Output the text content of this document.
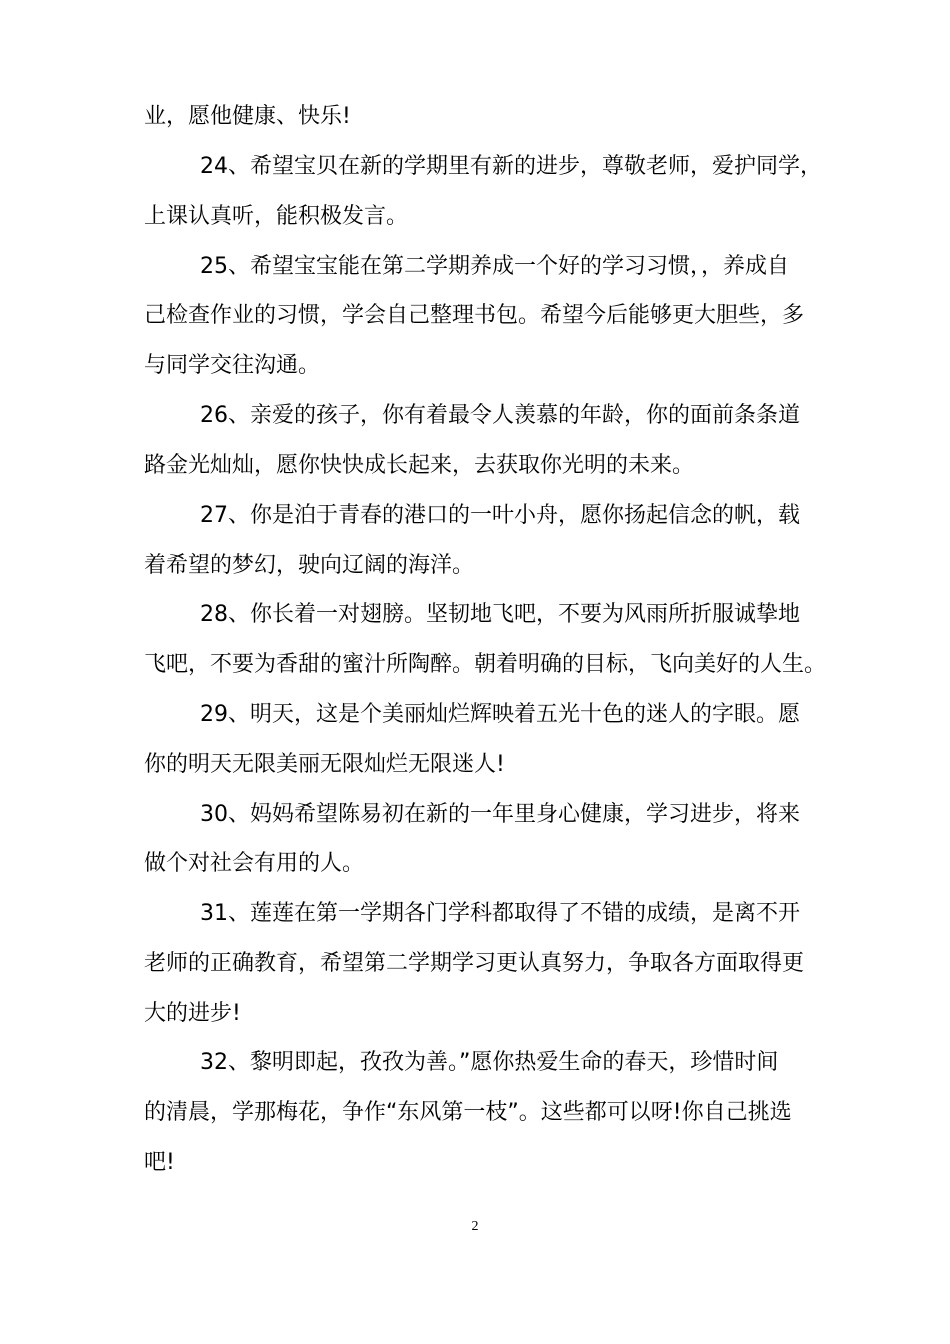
业，愿他健康、快乐!
24、希望宝贝在新的学期里有新的进步，尊敬老师，爱护同学，
上课认真听，能积极发言。
25、希望宝宝能在第二学期养成一个好的学习习惯，，养成自
己检查作业的习惯，学会自己整理书包。希望今后能够更大胆些，多
与同学交往沟通。
26、亲爱的孩子，你有着最令人羡慕的年龄，你的面前条条道
路金光灿灿，愿你快快成长起来，去获取你光明的未来。
27、你是泊于青春的港口的一叶小舟，愿你扬起信念的帆，载
着希望的梦幻，驶向辽阔的海洋。
28、你长着一对翅膀。坚韧地飞吧，不要为风雨所折服诚挚地
飞吧，不要为香甜的蜜汁所陶醉。朝着明确的目标，飞向美好的人生。
29、明天，这是个美丽灿烂辉映着五光十色的迷人的字眼。愿
你的明天无限美丽无限灿烂无限迷人!
30、妈妈希望陈易初在新的一年里身心健康，学习进步，将来
做个对社会有用的人。
31、莲莲在第一学期各门学科都取得了不错的成绩，是离不开
老师的正确教育，希望第二学期学习更认真努力，争取各方面取得更
大的进步!
32、黎明即起，孜孜为善。”愿你热爱生命的春天，珍惜时间
的清晨，学那梅花，争作“东风第一枝”。这些都可以呀!你自己挑选
吧!
2
